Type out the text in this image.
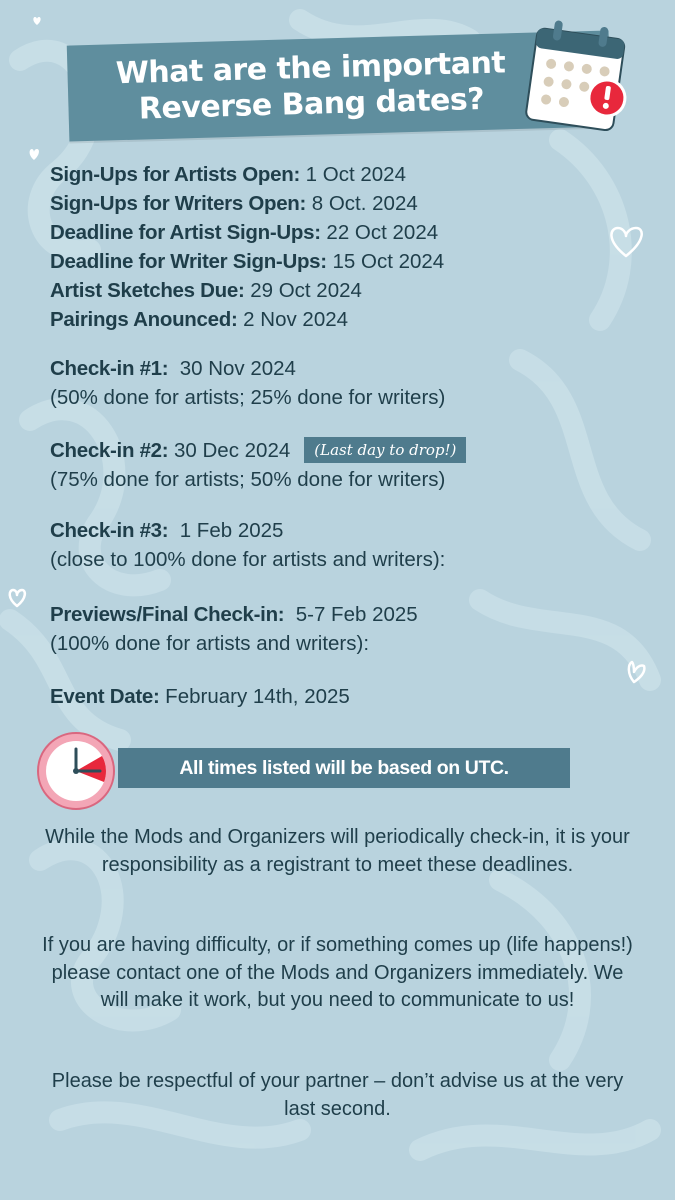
What are the important
Reverse Bang dates?
Sign-Ups for Artists Open: 1 Oct 2024
Sign-Ups for Writers Open: 8 Oct. 2024
Deadline for Artist Sign-Ups: 22 Oct 2024
Deadline for Writer Sign-Ups: 15 Oct 2024
Artist Sketches Due: 29 Oct 2024
Pairings Anounced: 2 Nov 2024
Check-in #1:  30 Nov 2024
(50% done for artists; 25% done for writers)
Check-in #2: 30 Dec 2024 (Last day to drop!)
(75% done for artists; 50% done for writers)
Check-in #3:  1 Feb 2025
(close to 100% done for artists and writers):
Previews/Final Check-in:  5-7 Feb 2025
(100% done for artists and writers):
Event Date: February 14th, 2025
All times listed will be based on UTC.
While the Mods and Organizers will periodically check-in, it is your responsibility as a registrant to meet these deadlines.
If you are having difficulty, or if something comes up (life happens!) please contact one of the Mods and Organizers immediately. We will make it work, but you need to communicate to us!
Please be respectful of your partner – don’t advise us at the very last second.
